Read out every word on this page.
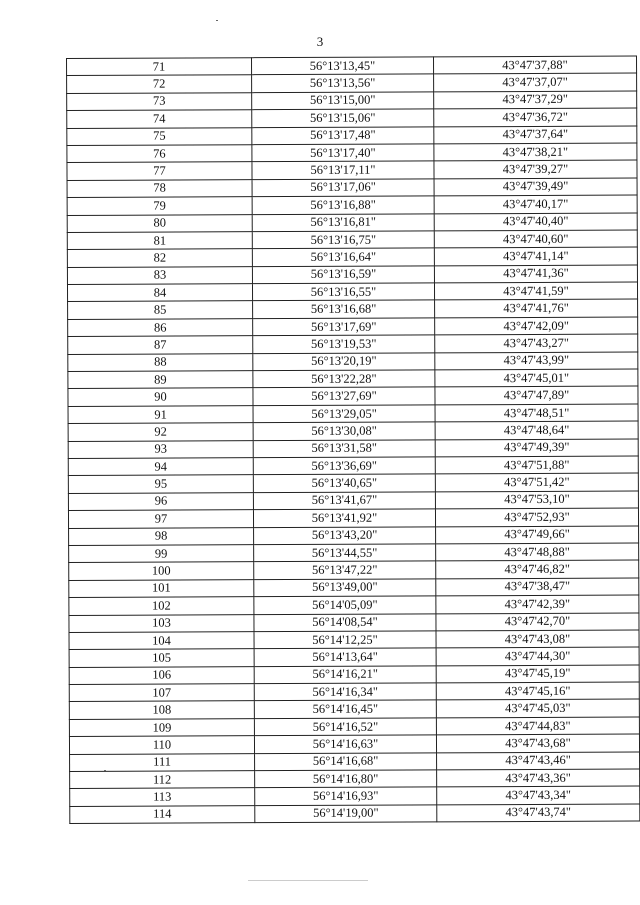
3
71	56°13'13,45"	43°47'37,88"
72	56°13'13,56"	43°47'37,07"
73	56°13'15,00"	43°47'37,29"
74	56°13'15,06"	43°47'36,72"
75	56°13'17,48"	43°47'37,64"
76	56°13'17,40"	43°47'38,21"
77	56°13'17,11"	43°47'39,27"
78	56°13'17,06"	43°47'39,49"
79	56°13'16,88"	43°47'40,17"
80	56°13'16,81"	43°47'40,40"
81	56°13'16,75"	43°47'40,60"
82	56°13'16,64"	43°47'41,14"
83	56°13'16,59"	43°47'41,36"
84	56°13'16,55"	43°47'41,59"
85	56°13'16,68"	43°47'41,76"
86	56°13'17,69"	43°47'42,09"
87	56°13'19,53"	43°47'43,27"
88	56°13'20,19"	43°47'43,99"
89	56°13'22,28"	43°47'45,01"
90	56°13'27,69"	43°47'47,89"
91	56°13'29,05"	43°47'48,51"
92	56°13'30,08"	43°47'48,64"
93	56°13'31,58"	43°47'49,39"
94	56°13'36,69"	43°47'51,88"
95	56°13'40,65"	43°47'51,42"
96	56°13'41,67"	43°47'53,10"
97	56°13'41,92"	43°47'52,93"
98	56°13'43,20"	43°47'49,66"
99	56°13'44,55"	43°47'48,88"
100	56°13'47,22"	43°47'46,82"
101	56°13'49,00"	43°47'38,47"
102	56°14'05,09"	43°47'42,39"
103	56°14'08,54"	43°47'42,70"
104	56°14'12,25"	43°47'43,08"
105	56°14'13,64"	43°47'44,30"
106	56°14'16,21"	43°47'45,19"
107	56°14'16,34"	43°47'45,16"
108	56°14'16,45"	43°47'45,03"
109	56°14'16,52"	43°47'44,83"
110	56°14'16,63"	43°47'43,68"
111	56°14'16,68"	43°47'43,46"
112	56°14'16,80"	43°47'43,36"
113	56°14'16,93"	43°47'43,34"
114	56°14'19,00"	43°47'43,74"
